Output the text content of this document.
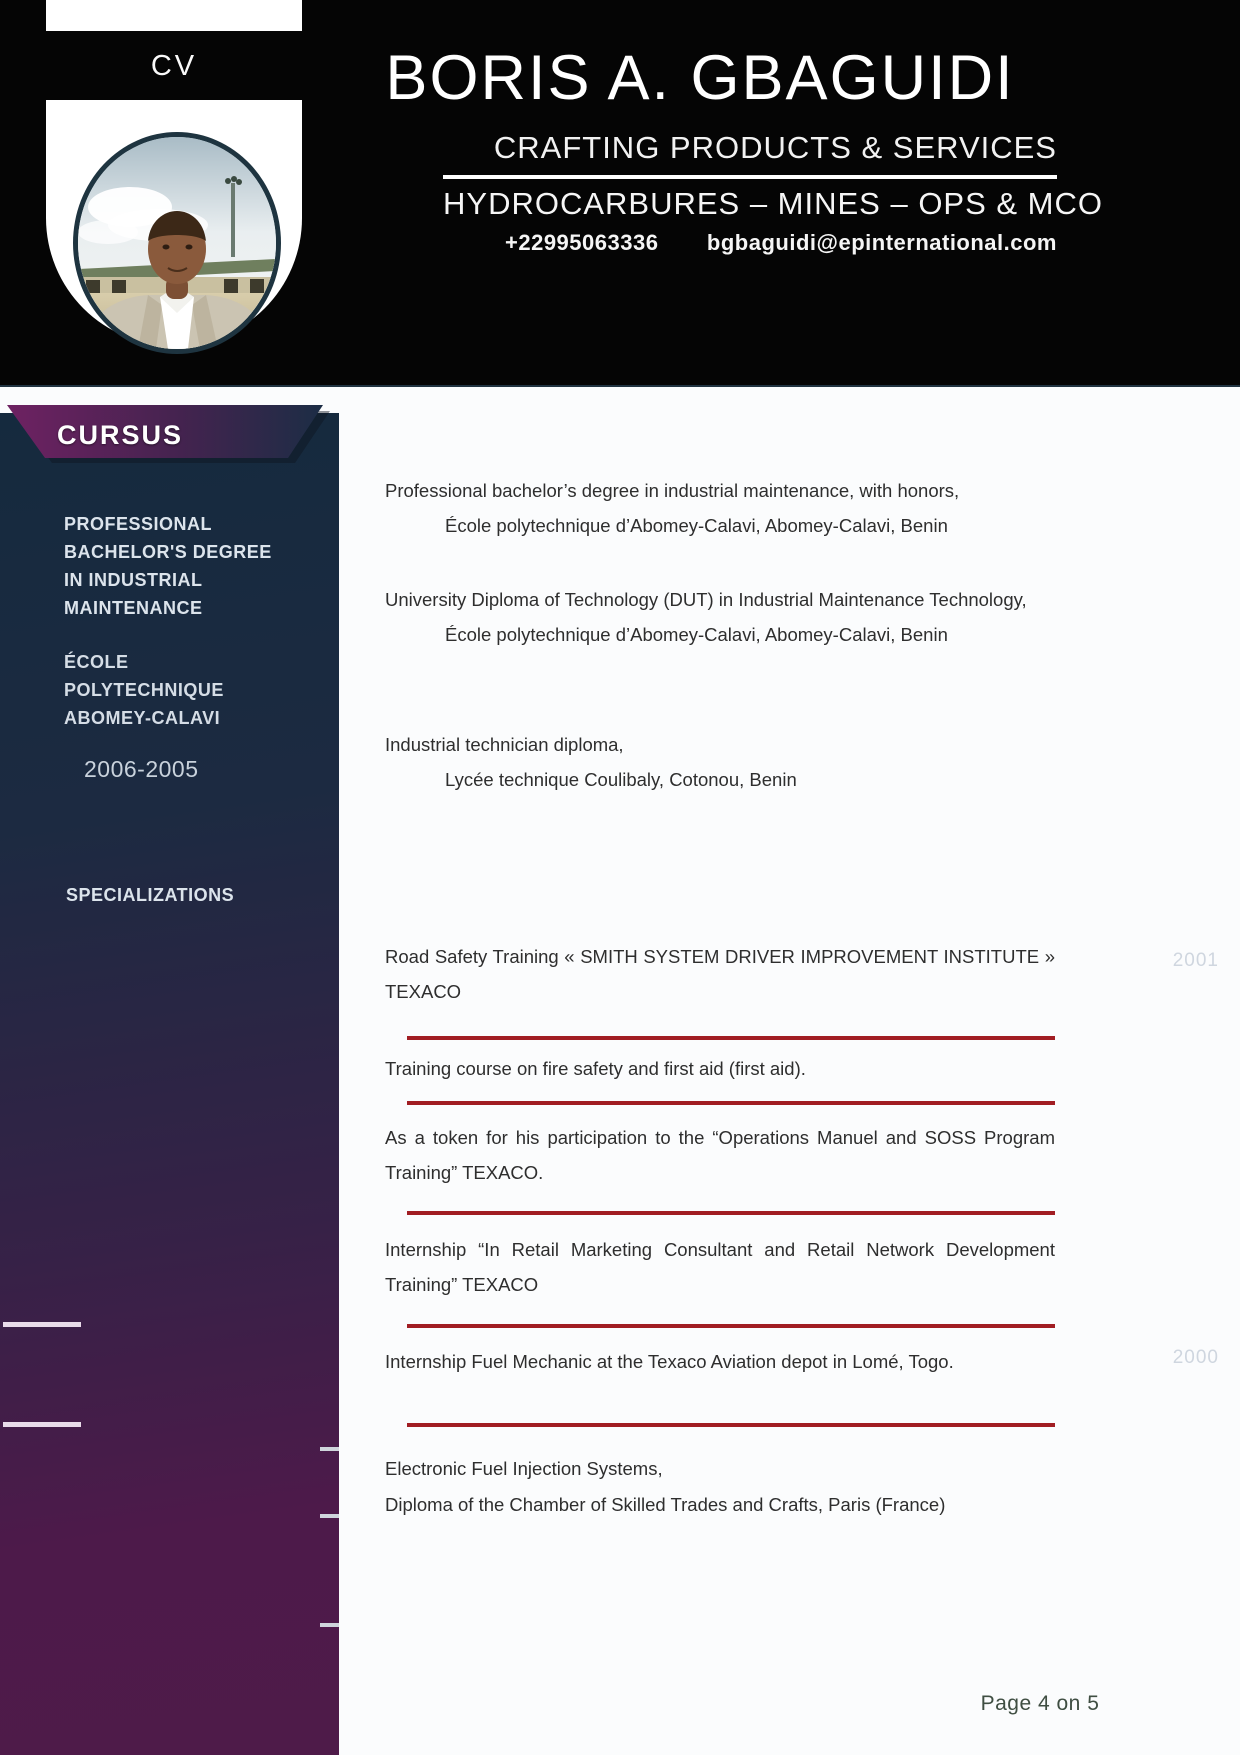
CV	BORIS A. GBAGUIDI
CRAFTING PRODUCTS & SERVICES
HYDROCARBURES – MINES – OPS & MCO
+22995063336 bgbaguidi@epinternational.com
CURSUS
PROFESSIONAL BACHELOR'S DEGREE IN INDUSTRIAL MAINTENANCE
ÉCOLE POLYTECHNIQUE ABOMEY-CALAVI
2006-2005
SPECIALIZATIONS
2001
2000
Professional bachelor’s degree in industrial maintenance, with honors,
École polytechnique d’Abomey-Calavi, Abomey-Calavi, Benin
University Diploma of Technology (DUT) in Industrial Maintenance Technology,
École polytechnique d’Abomey-Calavi, Abomey-Calavi, Benin
Industrial technician diploma,
Lycée technique Coulibaly, Cotonou, Benin
Road Safety Training « SMITH SYSTEM DRIVER IMPROVEMENT INSTITUTE » TEXACO
Training course on fire safety and first aid (first aid).
As a token for his participation to the “Operations Manuel and SOSS Program Training” TEXACO.
Internship “In Retail Marketing Consultant and Retail Network Development Training” TEXACO
Internship Fuel Mechanic at the Texaco Aviation depot in Lomé, Togo.
Electronic Fuel Injection Systems,
Diploma of the Chamber of Skilled Trades and Crafts, Paris (France)
Page 4 on 5
